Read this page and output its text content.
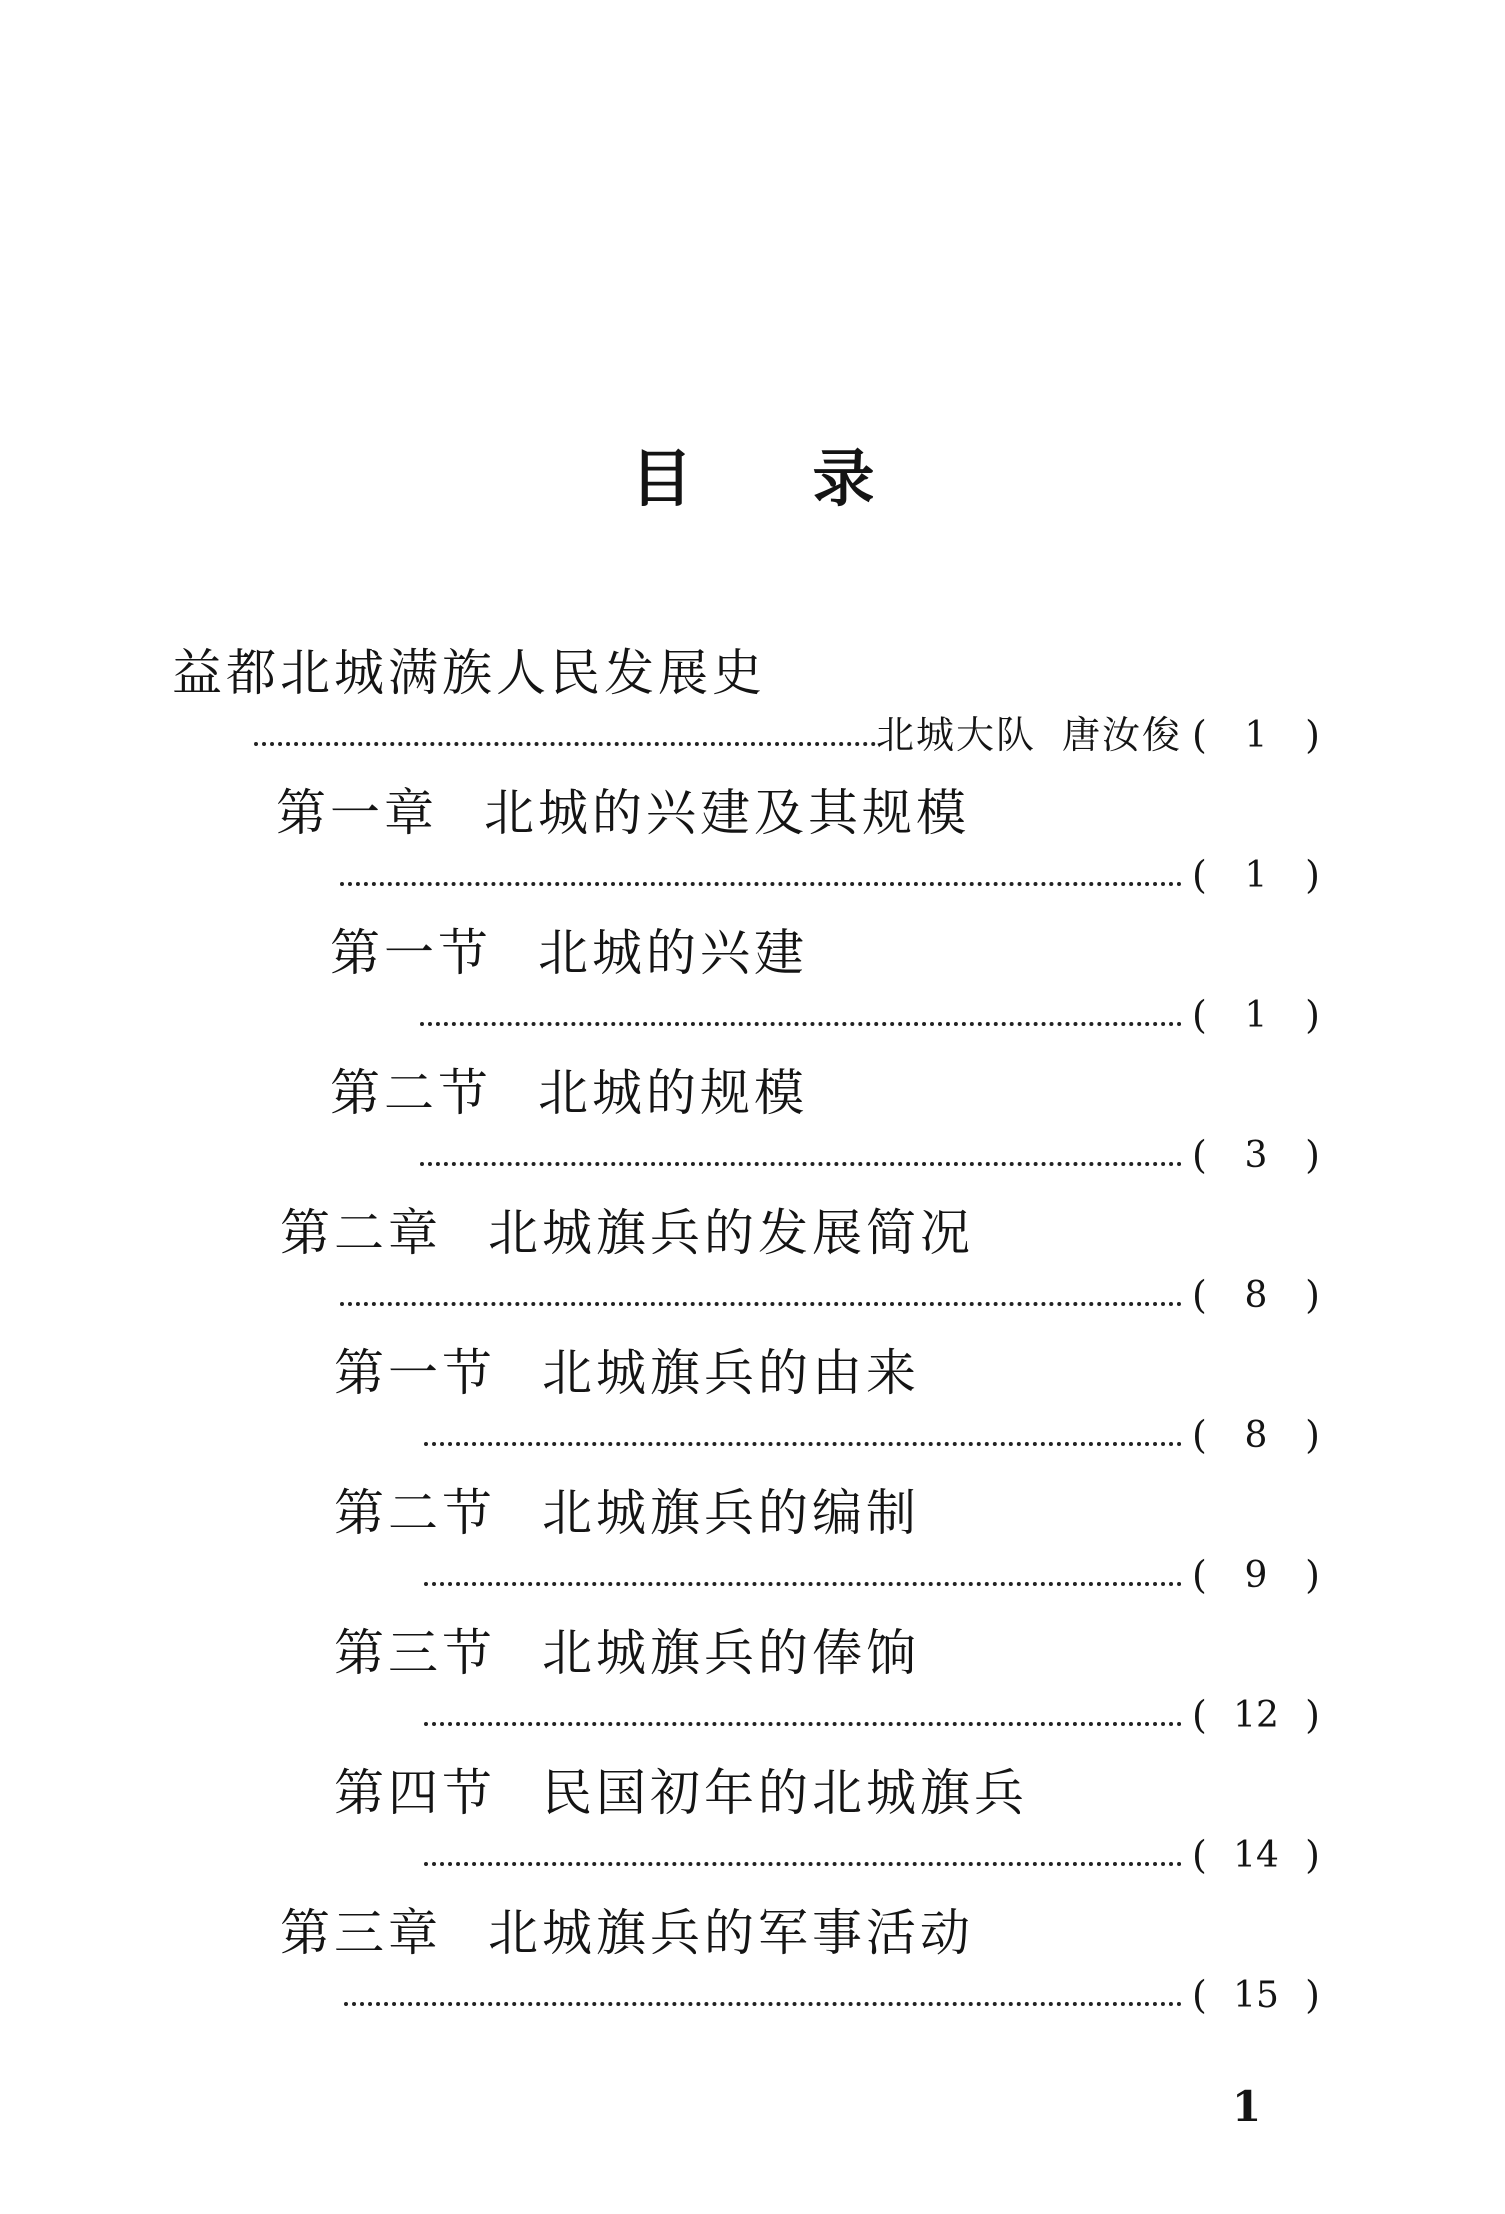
目 录
益都北城满族人民发展史
北城大队 唐汝俊 (	1 )
第一章 北城的兴建及其规模
(	1 )
第一节 北城的兴建
(	1 )
第二节 北城的规模
(	3 )
第二章 北城旗兵的发展简况
(	8 )
第一节 北城旗兵的由来
(	8 )
第二节 北城旗兵的编制
(	9 )
第三节 北城旗兵的俸饷
( 12 )
第四节 民国初年的北城旗兵
( 14 )
第三章 北城旗兵的军事活动
( 15 )
1
